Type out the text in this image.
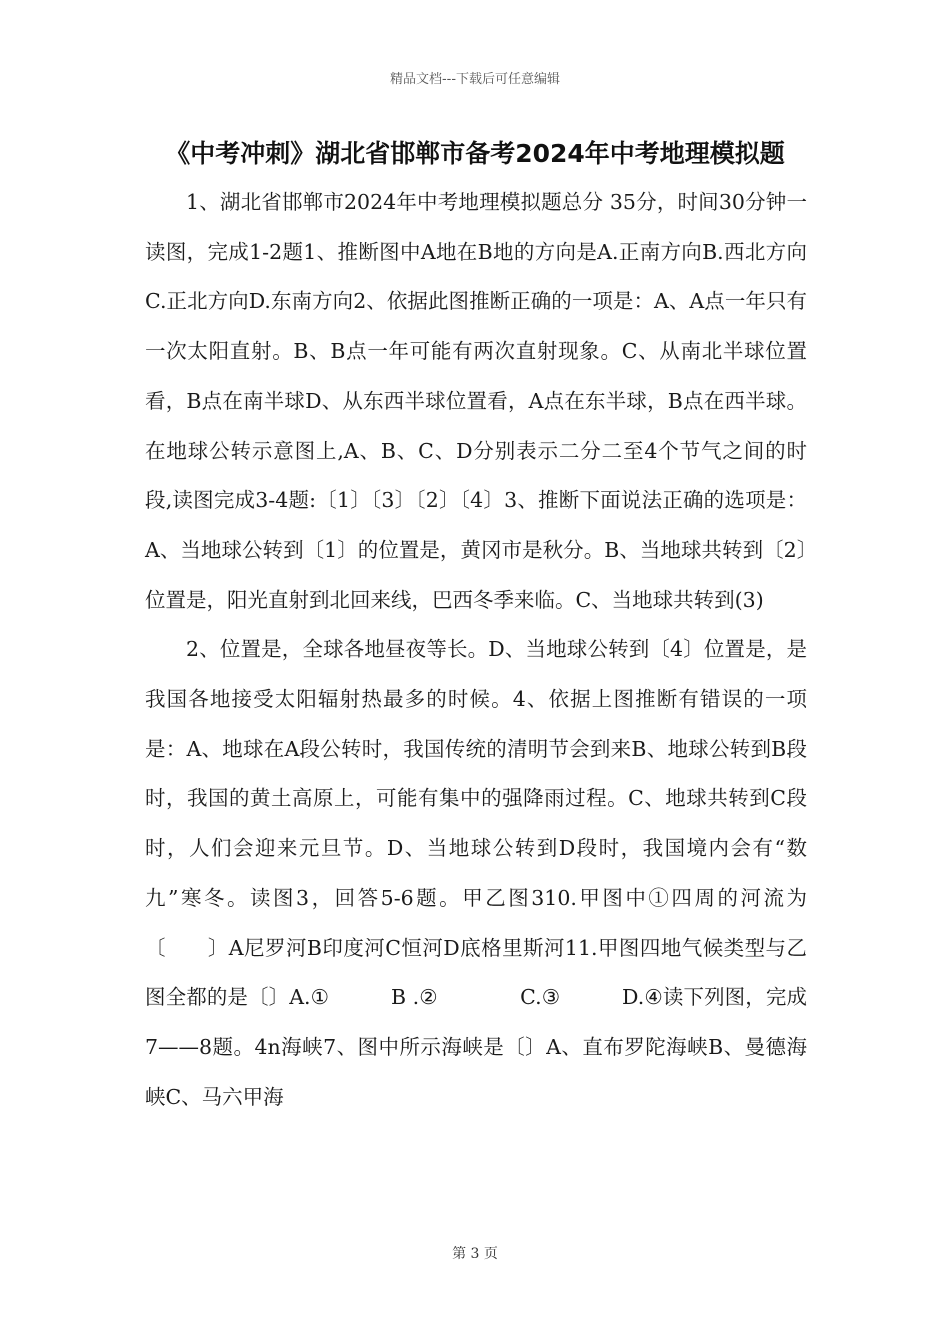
精品文档---下载后可任意编辑
《中考冲刺》湖北省邯郸市备考2024年中考地理模拟题

1、湖北省邯郸市2024年中考地理模拟题总分 35分，时间30分钟一读图，完成1-2题1、推断图中A地在B地的方向是A.正南方向B.西北方向　　　　　 C.正北方向D.东南方向2、依据此图推断正确的一项是：A、A点一年只有一次太阳直射。B、B点一年可能有两次直射现象。C、从南北半球位置看，B点在南半球D、从东西半球位置看，A点在东半球，B点在西半球。在地球公转示意图上,A、B、C、D分别表示二分二至4个节气之间的时段,读图完成3-4题:〔1〕〔3〕〔2〕〔4〕3、推断下面说法正确的选项是：A、当地球公转到〔1〕的位置是，黄冈市是秋分。B、当地球共转到〔2〕位置是，阳光直射到北回来线，巴西冬季来临。C、当地球共转到(3)

2、位置是，全球各地昼夜等长。D、当地球公转到〔4〕位置是，是我国各地接受太阳辐射热最多的时候。4、依据上图推断有错误的一项是：A、地球在A段公转时，我国传统的清明节会到来B、地球公转到B段时，我国的黄土高原上，可能有集中的强降雨过程。C、地球共转到C段时，人们会迎来元旦节。D、当地球公转到D段时，我国境内会有“数九”寒冬。读图3，回答5-6题。甲乙图310.甲图中①四周的河流为〔　　〕A尼罗河B印度河C恒河D底格里斯河11.甲图四地气候类型与乙图全都的是〔〕A.①　　　B .②　　　　C.③　　　D.④读下列图，完成7——8题。4n海峡7、图中所示海峡是〔〕A、直布罗陀海峡B、曼德海峡C、马六甲海

第 3 页
